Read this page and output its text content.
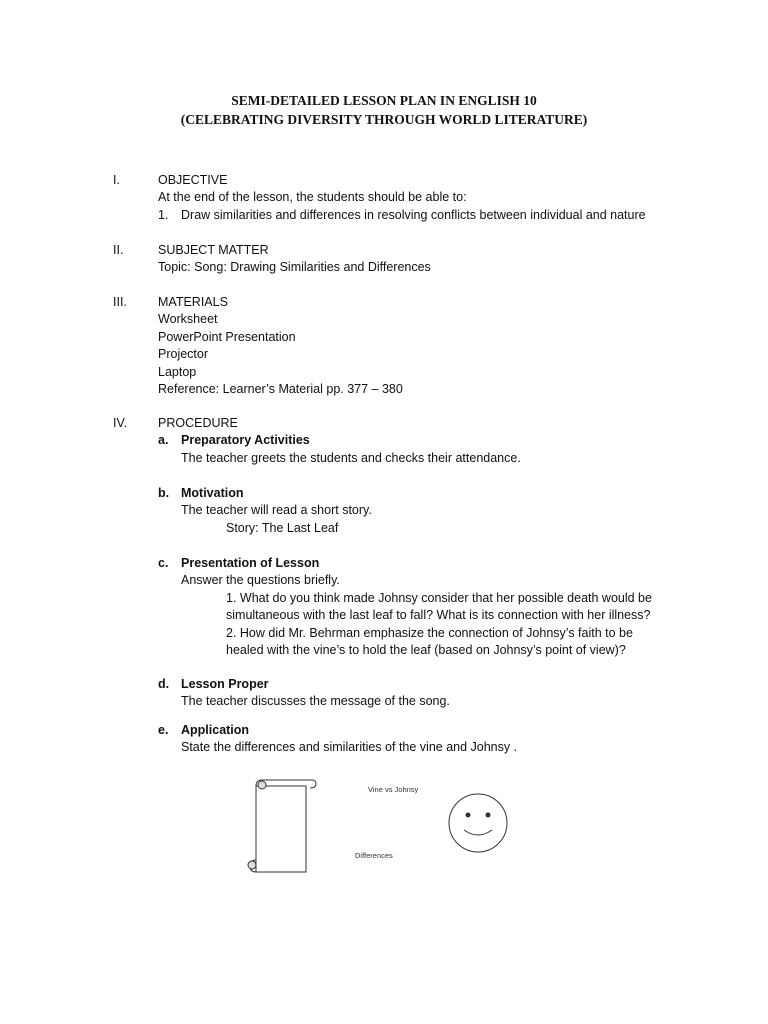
SEMI-DETAILED LESSON PLAN IN ENGLISH 10
(CELEBRATING DIVERSITY THROUGH WORLD LITERATURE)
I.	OBJECTIVE
At the end of the lesson, the students should be able to:
1. Draw similarities and differences in resolving conflicts between individual and nature
II.	SUBJECT MATTER
Topic: Song: Drawing Similarities and Differences
III. MATERIALS
Worksheet
PowerPoint Presentation
Projector
Laptop
Reference: Learner’s Material pp. 377 – 380
IV. PROCEDURE
a. Preparatory Activities
The teacher greets the students and checks their attendance.
b. Motivation
The teacher will read a short story.
Story: The Last Leaf
c. Presentation of Lesson
Answer the questions briefly.
1. What do you think made Johnsy consider that her possible death would be
simultaneous with the last leaf to fall? What is its connection with her illness?
2. How did Mr. Behrman emphasize the connection of Johnsy’s faith to be
healed with the vine’s to hold the leaf (based on Johnsy’s point of view)?
d. Lesson Proper
The teacher discusses the message of the song.
e. Application
State the differences and similarities of the vine and Johnsy .
Vine vs Johnsy
Differences
